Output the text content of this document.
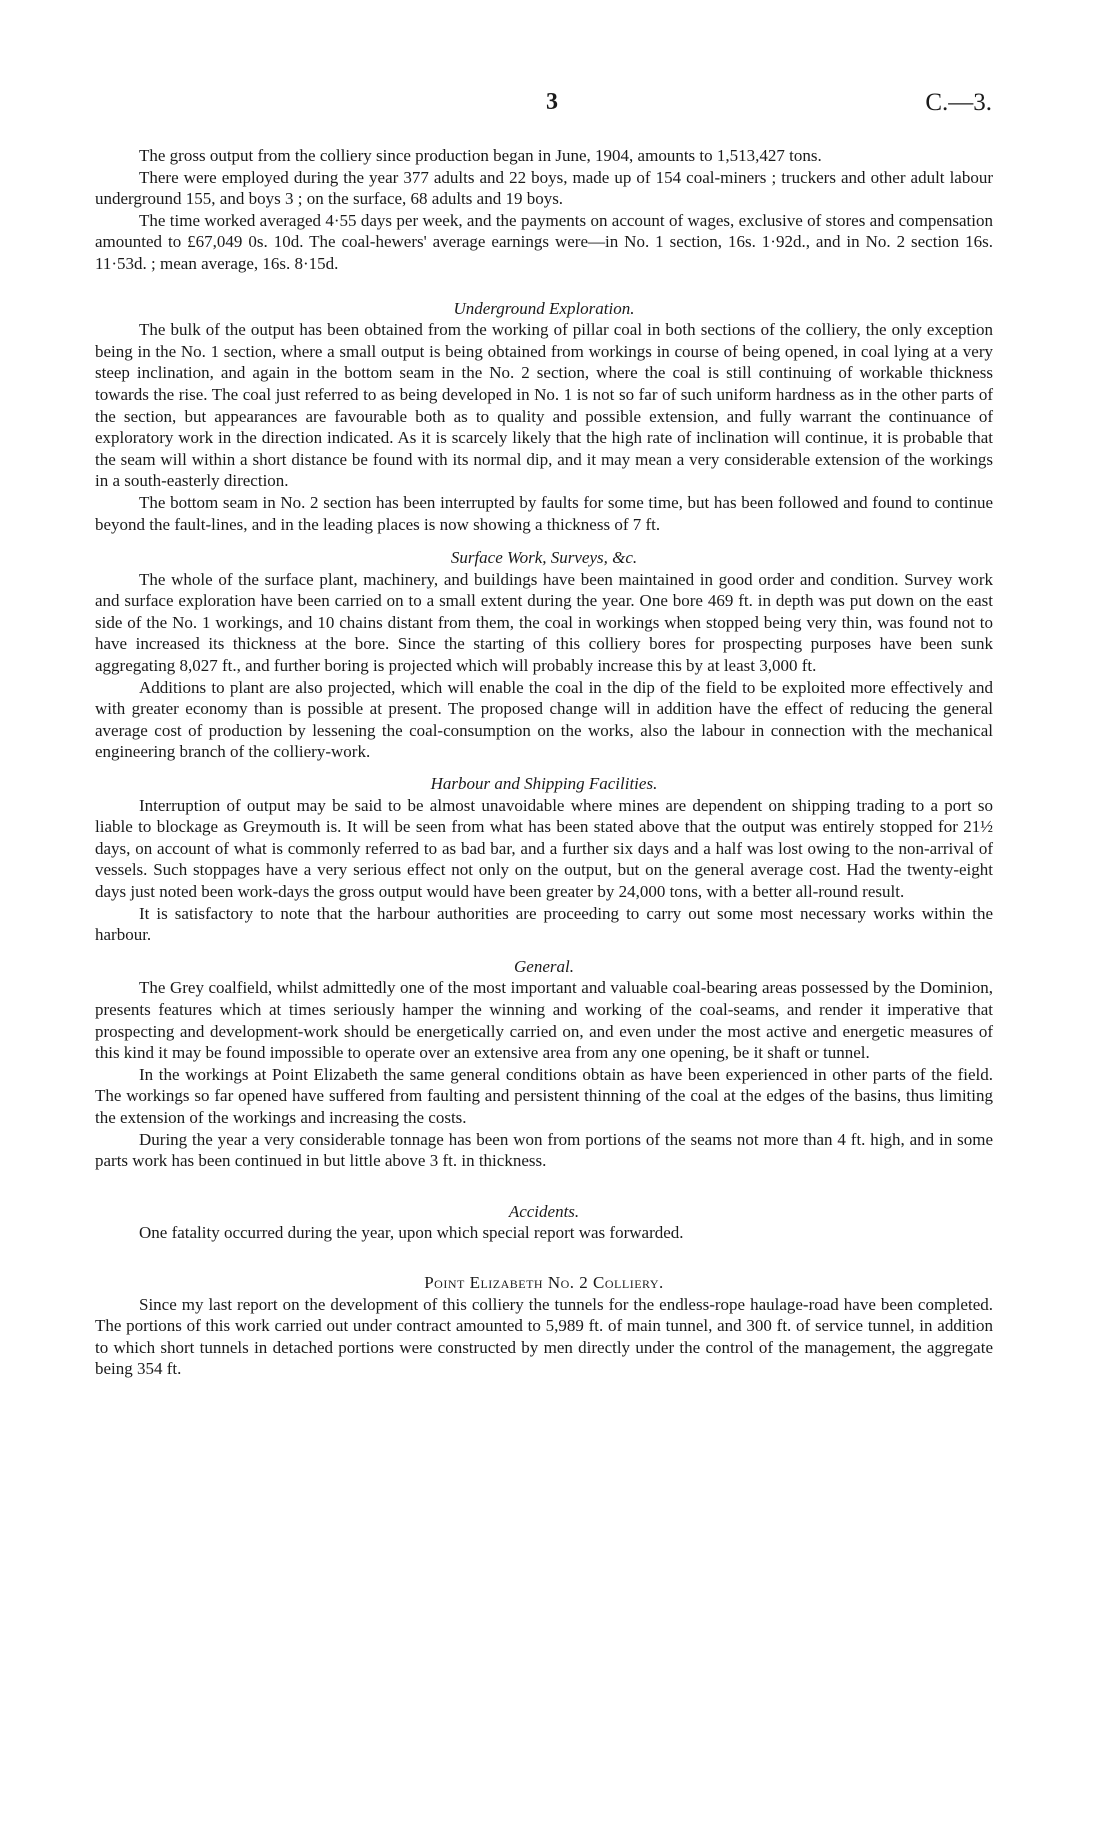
3	C.—3.

The gross output from the colliery since production began in June, 1904, amounts to 1,513,427 tons.

There were employed during the year 377 adults and 22 boys, made up of 154 coal-miners ; truckers and other adult labour underground 155, and boys 3 ; on the surface, 68 adults and 19 boys.

The time worked averaged 4·55 days per week, and the payments on account of wages, exclusive of stores and compensation amounted to £67,049 0s. 10d. The coal-hewers' average earnings were—in No. 1 section, 16s. 1·92d., and in No. 2 section 16s. 11·53d. ; mean average, 16s. 8·15d.

Underground Exploration.

The bulk of the output has been obtained from the working of pillar coal in both sections of the colliery, the only exception being in the No. 1 section, where a small output is being obtained from workings in course of being opened, in coal lying at a very steep inclination, and again in the bottom seam in the No. 2 section, where the coal is still continuing of workable thickness towards the rise. The coal just referred to as being developed in No. 1 is not so far of such uniform hardness as in the other parts of the section, but appearances are favourable both as to quality and possible extension, and fully warrant the continuance of exploratory work in the direction indicated. As it is scarcely likely that the high rate of inclination will continue, it is probable that the seam will within a short distance be found with its normal dip, and it may mean a very considerable extension of the workings in a south-easterly direction.

The bottom seam in No. 2 section has been interrupted by faults for some time, but has been followed and found to continue beyond the fault-lines, and in the leading places is now showing a thickness of 7 ft.

Surface Work, Surveys, &c.

The whole of the surface plant, machinery, and buildings have been maintained in good order and condition. Survey work and surface exploration have been carried on to a small extent during the year. One bore 469 ft. in depth was put down on the east side of the No. 1 workings, and 10 chains distant from them, the coal in workings when stopped being very thin, was found not to have increased its thickness at the bore. Since the starting of this colliery bores for prospecting purposes have been sunk aggregating 8,027 ft., and further boring is projected which will probably increase this by at least 3,000 ft.

Additions to plant are also projected, which will enable the coal in the dip of the field to be exploited more effectively and with greater economy than is possible at present. The proposed change will in addition have the effect of reducing the general average cost of production by lessening the coal-consumption on the works, also the labour in connection with the mechanical engineering branch of the colliery-work.

Harbour and Shipping Facilities.

Interruption of output may be said to be almost unavoidable where mines are dependent on shipping trading to a port so liable to blockage as Greymouth is. It will be seen from what has been stated above that the output was entirely stopped for 21½ days, on account of what is commonly referred to as bad bar, and a further six days and a half was lost owing to the non-arrival of vessels. Such stoppages have a very serious effect not only on the output, but on the general average cost. Had the twenty-eight days just noted been work-days the gross output would have been greater by 24,000 tons, with a better all-round result.

It is satisfactory to note that the harbour authorities are proceeding to carry out some most necessary works within the harbour.

General.

The Grey coalfield, whilst admittedly one of the most important and valuable coal-bearing areas possessed by the Dominion, presents features which at times seriously hamper the winning and working of the coal-seams, and render it imperative that prospecting and development-work should be energetically carried on, and even under the most active and energetic measures of this kind it may be found impossible to operate over an extensive area from any one opening, be it shaft or tunnel.

In the workings at Point Elizabeth the same general conditions obtain as have been experienced in other parts of the field. The workings so far opened have suffered from faulting and persistent thinning of the coal at the edges of the basins, thus limiting the extension of the workings and increasing the costs.

During the year a very considerable tonnage has been won from portions of the seams not more than 4 ft. high, and in some parts work has been continued in but little above 3 ft. in thickness.

Accidents.

One fatality occurred during the year, upon which special report was forwarded.

Point Elizabeth No. 2 Colliery.

Since my last report on the development of this colliery the tunnels for the endless-rope haulage-road have been completed. The portions of this work carried out under contract amounted to 5,989 ft. of main tunnel, and 300 ft. of service tunnel, in addition to which short tunnels in detached portions were constructed by men directly under the control of the management, the aggregate being 354 ft.
